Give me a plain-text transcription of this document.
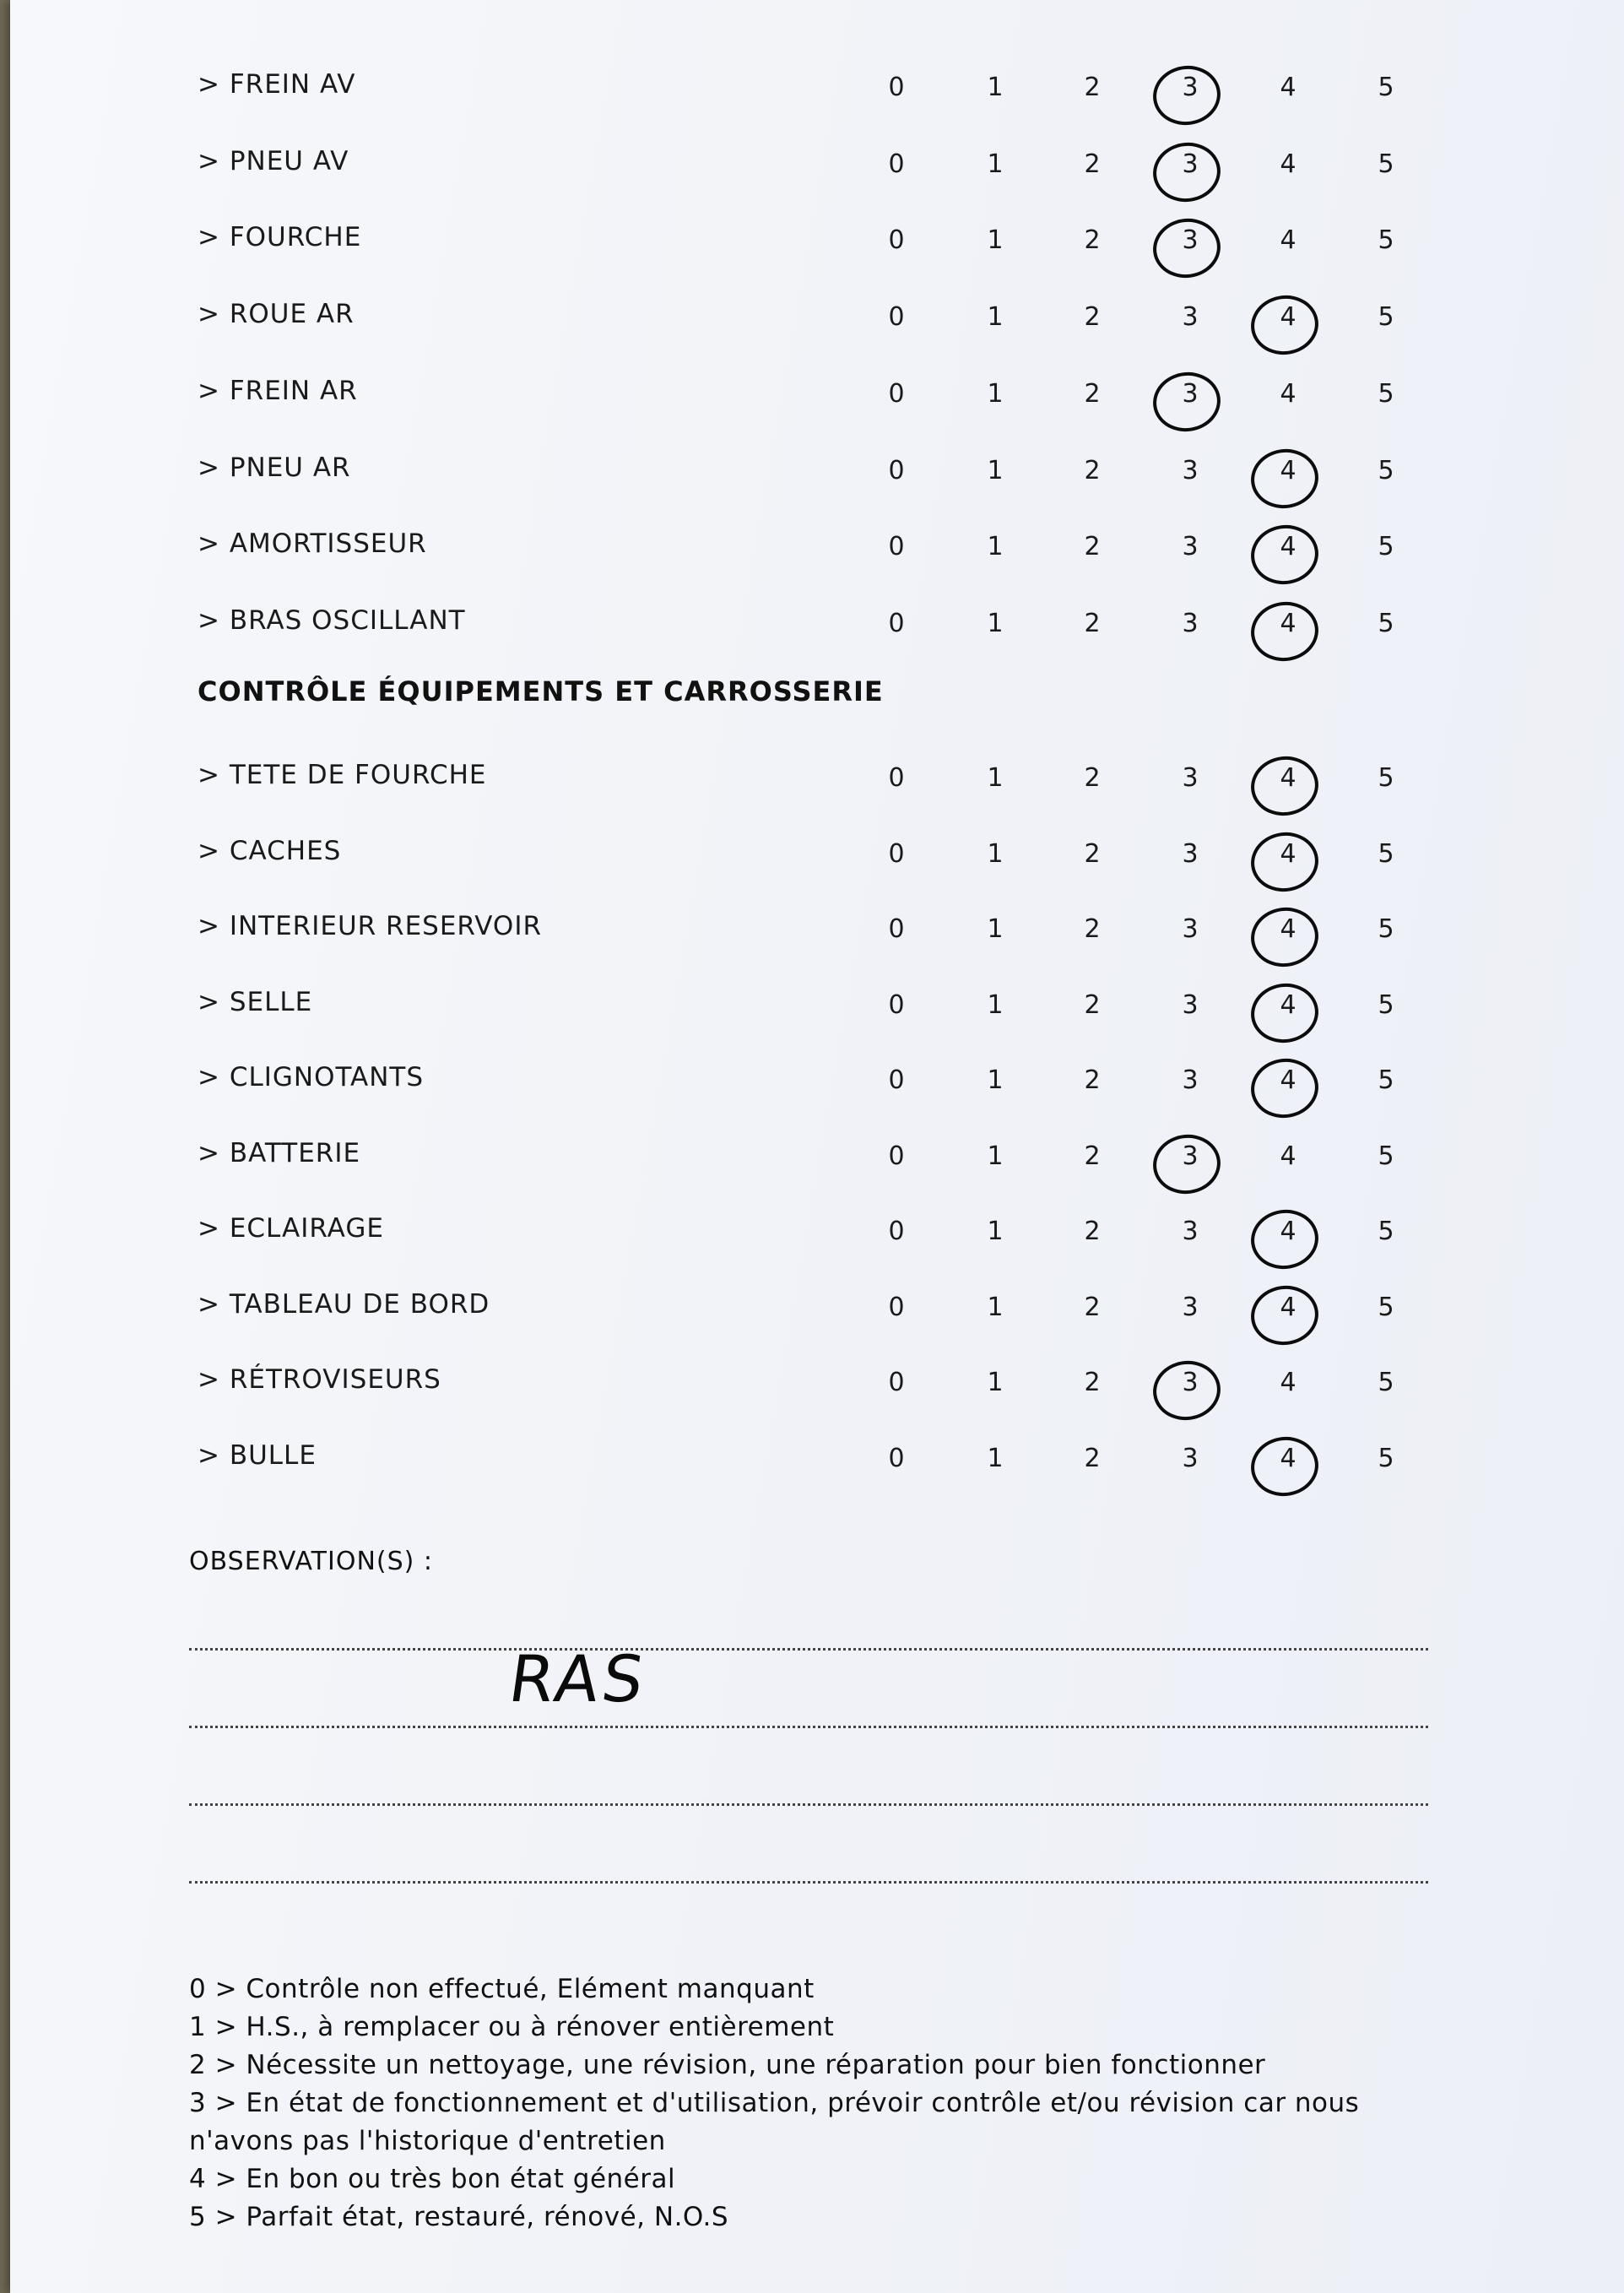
> FREIN AV	0	1	2	3	4	5
> PNEU AV	0	1	2	3	4	5
> FOURCHE	0	1	2	3	4	5
> ROUE AR	0	1	2	3	4	5
> FREIN AR	0	1	2	3	4	5
> PNEU AR	0	1	2	3	4	5
> AMORTISSEUR	0	1	2	3	4	5
> BRAS OSCILLANT	0	1	2	3	4	5
CONTRÔLE ÉQUIPEMENTS ET CARROSSERIE
> TETE DE FOURCHE	0	1	2	3	4	5
> CACHES	0	1	2	3	4	5
> INTERIEUR RESERVOIR	0	1	2	3	4	5
> SELLE	0	1	2	3	4	5
> CLIGNOTANTS	0	1	2	3	4	5
> BATTERIE	0	1	2	3	4	5
> ECLAIRAGE	0	1	2	3	4	5
> TABLEAU DE BORD	0	1	2	3	4	5
> RÉTROVISEURS	0	1	2	3	4	5
> BULLE	0	1	2	3	4	5
OBSERVATION(S) :
RAS
0 > Contrôle non effectué, Elément manquant
1 > H.S., à remplacer ou à rénover entièrement
2 > Nécessite un nettoyage, une révision, une réparation pour bien fonctionner
3 > En état de fonctionnement et d'utilisation, prévoir contrôle et/ou révision car nous
n'avons pas l'historique d'entretien
4 > En bon ou très bon état général
5 > Parfait état, restauré, rénové, N.O.S
